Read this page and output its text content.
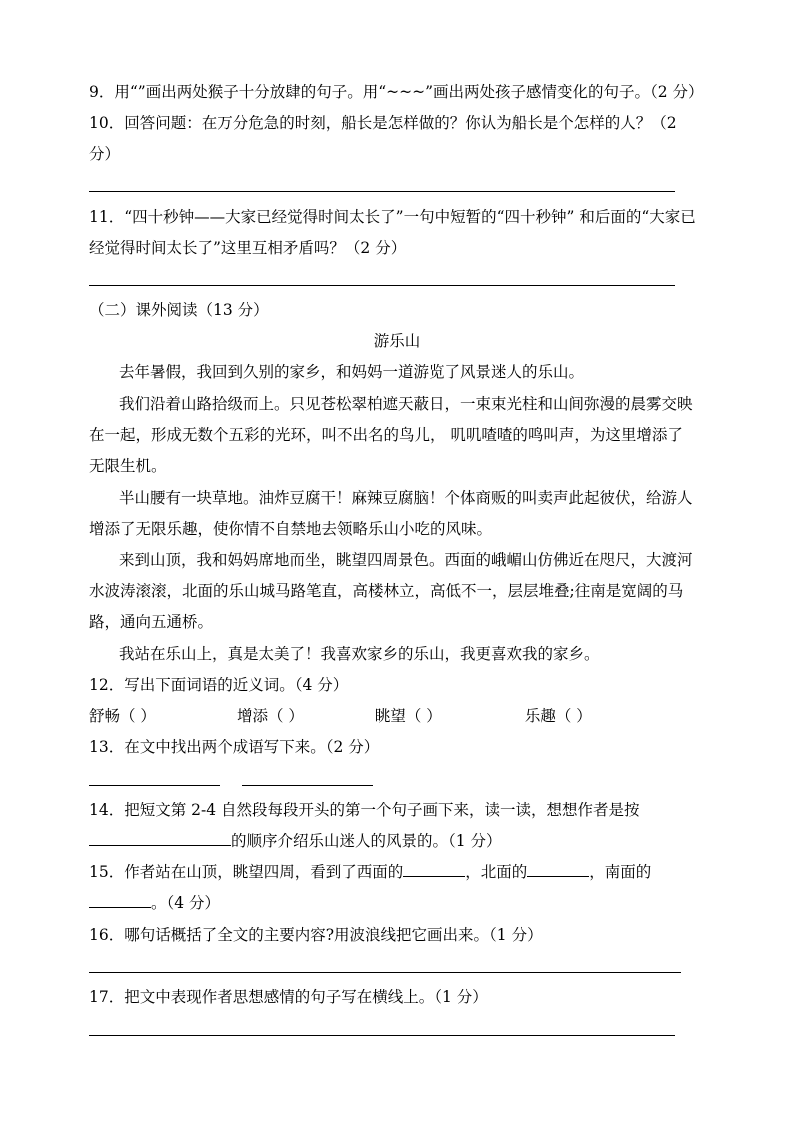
9．用“”画出两处猴子十分放肆的句子。用“~~~”画出两处孩子感情变化的句子。（2 分）
10．回答问题：在万分危急的时刻，船长是怎样做的？你认为船长是个怎样的人？（2
分）
11．“四十秒钟——大家已经觉得时间太长了”一句中短暂的“四十秒钟” 和后面的“大家已
经觉得时间太长了”这里互相矛盾吗？（2 分）
（二）课外阅读（13 分）
游乐山
去年暑假，我回到久别的家乡，和妈妈一道游览了风景迷人的乐山。
我们沿着山路拾级而上。只见苍松翠柏遮天蔽日，一束束光柱和山间弥漫的晨雾交映
在一起，形成无数个五彩的光环，叫不出名的鸟儿， 叽叽喳喳的鸣叫声，为这里增添了
无限生机。
半山腰有一块草地。油炸豆腐干！麻辣豆腐脑！个体商贩的叫卖声此起彼伏，给游人
增添了无限乐趣，使你情不自禁地去领略乐山小吃的风味。
来到山顶，我和妈妈席地而坐，眺望四周景色。西面的峨嵋山仿佛近在咫尺，大渡河
水波涛滚滚，北面的乐山城马路笔直，高楼林立，高低不一，层层堆叠;往南是宽阔的马
路，通向五通桥。
我站在乐山上，真是太美了！我喜欢家乡的乐山，我更喜欢我的家乡。
12．写出下面词语的近义词。（4 分）
舒畅（ ）	增添（ ）	眺望（ ）	乐趣（ ）
13．在文中找出两个成语写下来。（2 分）
14．把短文第 2-4 自然段每段开头的第一个句子画下来，读一读，想想作者是按
的顺序介绍乐山迷人的风景的。（1 分）
15．作者站在山顶，眺望四周，看到了西面的	，北面的	，南面的
。（4 分）
16．哪句话概括了全文的主要内容?用波浪线把它画出来。（1 分）
17．把文中表现作者思想感情的句子写在横线上。（1 分）
